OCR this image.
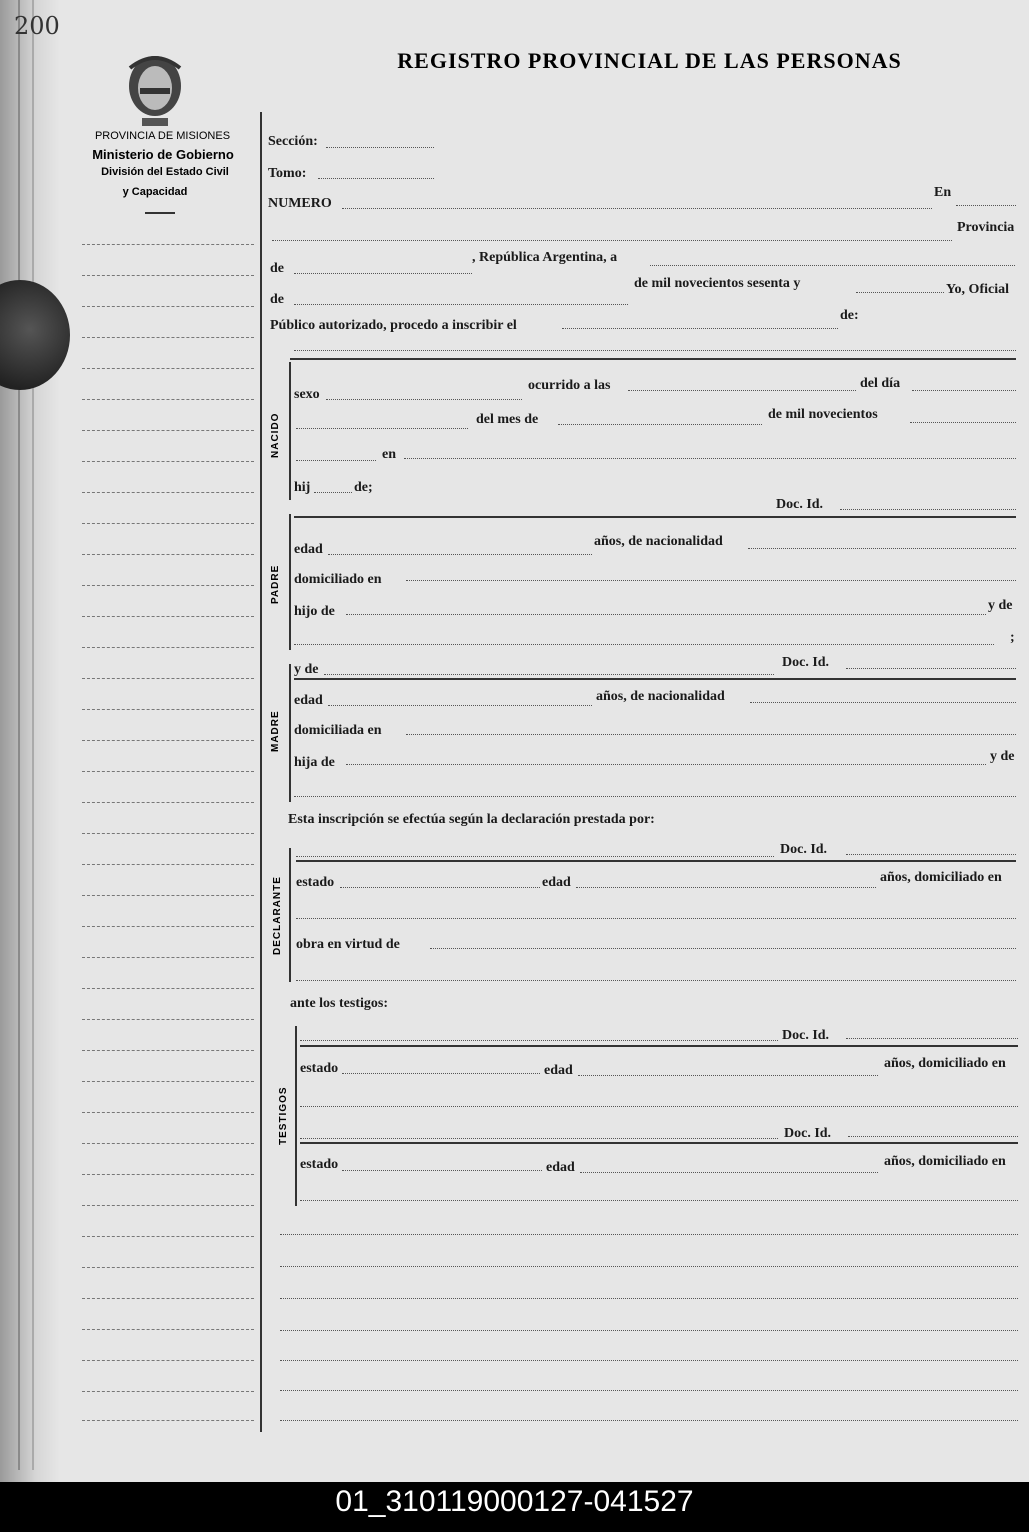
200
REGISTRO PROVINCIAL DE LAS PERSONAS
PROVINCIA DE MISIONES
Ministerio de Gobierno
División del Estado Civil
y Capacidad
Sección:
Tomo:
NUMERO
En
Provincia
de
, República Argentina, a
de
de mil novecientos sesenta y	Yo, Oficial
Público autorizado, procedo a inscribir el
de:
NACIDO
sexo
ocurrido a las	del día
del mes de	de mil novecientos
en
hij	de;
Doc. Id.
PADRE
edad
años, de nacionalidad
domiciliado en
hijo de	y de
;
MADRE
y de	Doc. Id.
edad	años, de nacionalidad
domiciliada en
hija de	y de
Esta inscripción se efectúa según la declaración prestada por:
DECLARANTE
Doc. Id.
estado	edad	años, domiciliado en
obra en virtud de
ante los testigos:
TESTIGOS
Doc. Id.
estado	edad	años, domiciliado en
Doc. Id.
estado	edad	años, domiciliado en
01_310119000127-041527
